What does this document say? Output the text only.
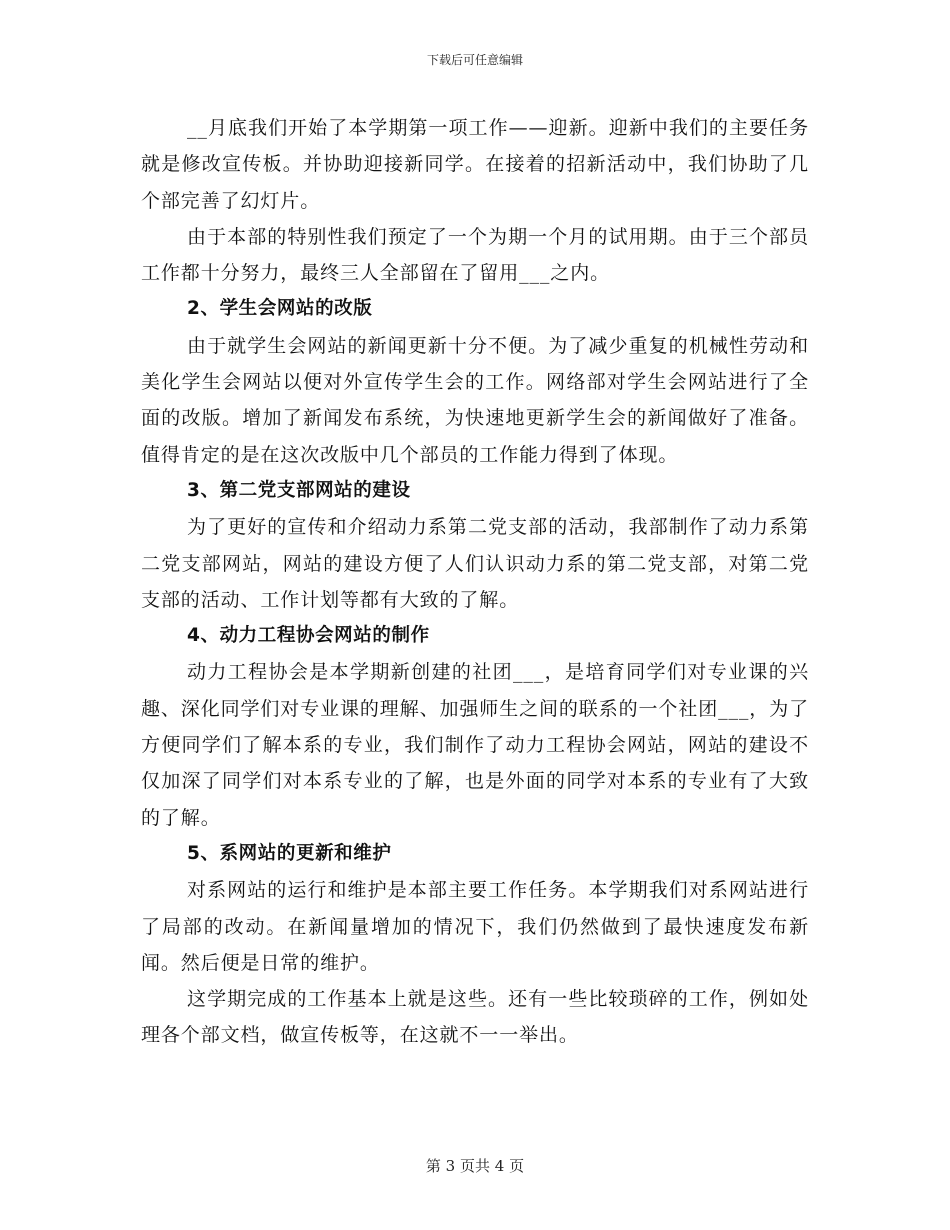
下载后可任意编辑

__月底我们开始了本学期第一项工作——迎新。迎新中我们的主要任务就是修改宣传板。并协助迎接新同学。在接着的招新活动中，我们协助了几个部完善了幻灯片。

由于本部的特别性我们预定了一个为期一个月的试用期。由于三个部员工作都十分努力，最终三人全部留在了留用___之内。

2、学生会网站的改版

由于就学生会网站的新闻更新十分不便。为了减少重复的机械性劳动和美化学生会网站以便对外宣传学生会的工作。网络部对学生会网站进行了全面的改版。增加了新闻发布系统，为快速地更新学生会的新闻做好了准备。值得肯定的是在这次改版中几个部员的工作能力得到了体现。

3、第二党支部网站的建设

为了更好的宣传和介绍动力系第二党支部的活动，我部制作了动力系第二党支部网站，网站的建设方便了人们认识动力系的第二党支部，对第二党支部的活动、工作计划等都有大致的了解。

4、动力工程协会网站的制作

动力工程协会是本学期新创建的社团___，是培育同学们对专业课的兴趣、深化同学们对专业课的理解、加强师生之间的联系的一个社团___，为了方便同学们了解本系的专业，我们制作了动力工程协会网站，网站的建设不仅加深了同学们对本系专业的了解，也是外面的同学对本系的专业有了大致的了解。

5、系网站的更新和维护

对系网站的运行和维护是本部主要工作任务。本学期我们对系网站进行了局部的改动。在新闻量增加的情况下，我们仍然做到了最快速度发布新闻。然后便是日常的维护。

这学期完成的工作基本上就是这些。还有一些比较琐碎的工作，例如处理各个部文档，做宣传板等，在这就不一一举出。

第 3 页共 4 页
